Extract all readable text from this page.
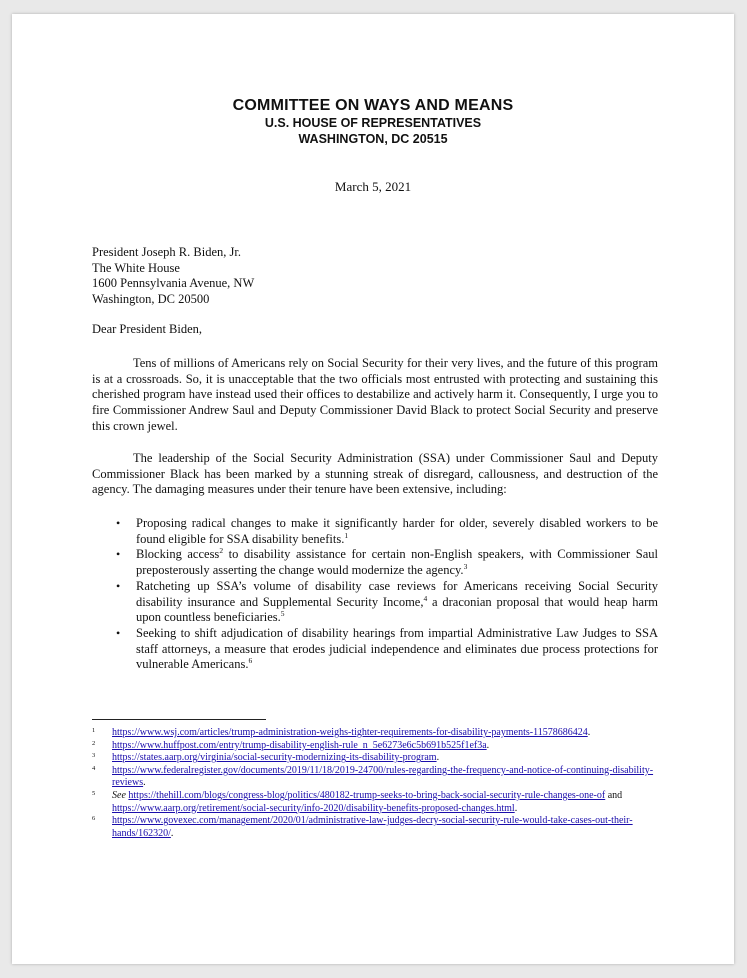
COMMITTEE ON WAYS AND MEANS
U.S. HOUSE OF REPRESENTATIVES
WASHINGTON, DC 20515
March 5, 2021
President Joseph R. Biden, Jr.
The White House
1600 Pennsylvania Avenue, NW
Washington, DC 20500
Dear President Biden,

Tens of millions of Americans rely on Social Security for their very lives, and the future of this program is at a crossroads. So, it is unacceptable that the two officials most entrusted with protecting and sustaining this cherished program have instead used their offices to destabilize and actively harm it. Consequently, I urge you to fire Commissioner Andrew Saul and Deputy Commissioner David Black to protect Social Security and preserve this crown jewel.

The leadership of the Social Security Administration (SSA) under Commissioner Saul and Deputy Commissioner Black has been marked by a stunning streak of disregard, callousness, and destruction of the agency. The damaging measures under their tenure have been extensive, including:

• Proposing radical changes to make it significantly harder for older, severely disabled workers to be found eligible for SSA disability benefits.$^1$
• Blocking access$^2$ to disability assistance for certain non-English speakers, with Commissioner Saul preposterously asserting the change would modernize the agency.$^3$
• Ratcheting up SSA’s volume of disability case reviews for Americans receiving Social Security disability insurance and Supplemental Security Income,$^4$ a draconian proposal that would heap harm upon countless beneficiaries.$^5$
• Seeking to shift adjudication of disability hearings from impartial Administrative Law Judges to SSA staff attorneys, a measure that erodes judicial independence and eliminates due process protections for vulnerable Americans.$^6$
1 https://www.wsj.com/articles/trump-administration-weighs-tighter-requirements-for-disability-payments-11578686424.
2 https://www.huffpost.com/entry/trump-disability-english-rule_n_5e6273e6c5b691b525f1ef3a.
3 https://states.aarp.org/virginia/social-security-modernizing-its-disability-program.
4 https://www.federalregister.gov/documents/2019/11/18/2019-24700/rules-regarding-the-frequency-and-notice-of-continuing-disability-reviews.
5 See https://thehill.com/blogs/congress-blog/politics/480182-trump-seeks-to-bring-back-social-security-rule-changes-one-of and https://www.aarp.org/retirement/social-security/info-2020/disability-benefits-proposed-changes.html.
6 https://www.govexec.com/management/2020/01/administrative-law-judges-decry-social-security-rule-would-take-cases-out-their-hands/162320/.
